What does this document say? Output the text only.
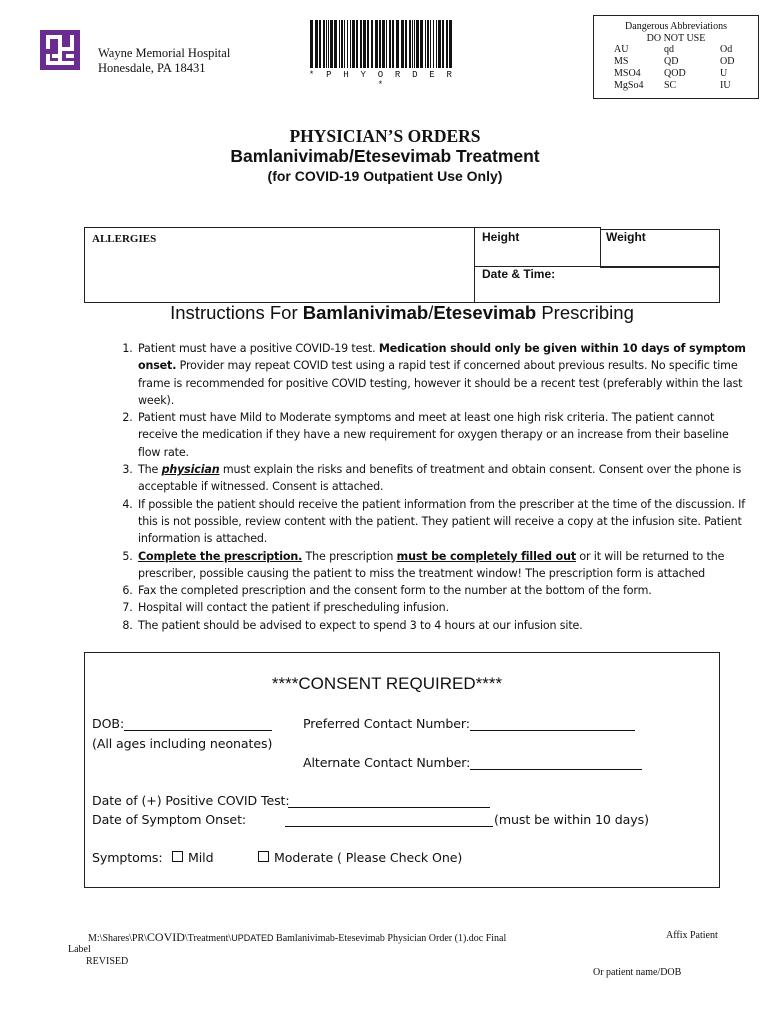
Wayne Memorial Hospital
Honesdale, PA 18431	* P H Y O R D E R *
Dangerous Abbreviations
DO NOT USE
AU	qd	Od
MS	QD	OD
MSO4	QOD	U
MgSo4	SC	IU
PHYSICIAN’S ORDERS
Bamlanivimab/Etesevimab Treatment
(for COVID-19 Outpatient Use Only)
ALLERGIES	Height	Weight
Date & Time:
Instructions For Bamlanivimab/Etesevimab Prescribing
1. Patient must have a positive COVID-19 test. Medication should only be given within 10 days of symptom onset. Provider may repeat COVID test using a rapid test if concerned about previous results. No specific time frame is recommended for positive COVID testing, however it should be a recent test (preferably within the last week).
2. Patient must have Mild to Moderate symptoms and meet at least one high risk criteria. The patient cannot receive the medication if they have a new requirement for oxygen therapy or an increase from their baseline flow rate.
3. The physician must explain the risks and benefits of treatment and obtain consent. Consent over the phone is acceptable if witnessed. Consent is attached.
4. If possible the patient should receive the patient information from the prescriber at the time of the discussion. If this is not possible, review content with the patient. They patient will receive a copy at the infusion site. Patient information is attached.
5. Complete the prescription. The prescription must be completely filled out or it will be returned to the prescriber, possible causing the patient to miss the treatment window! The prescription form is attached
6. Fax the completed prescription and the consent form to the number at the bottom of the form.
7. Hospital will contact the patient if prescheduling infusion.
8. The patient should be advised to expect to spend 3 to 4 hours at our infusion site.
****CONSENT REQUIRED****
DOB:
(All ages including neonates)
Preferred Contact Number:
Alternate Contact Number:
Date of (+) Positive COVID Test:
Date of Symptom Onset:	(must be within 10 days)
Symptoms:	Mild	Moderate ( Please Check One)
M:\Shares\PR\COVID\Treatment\UPDATED Bamlanivimab-Etesevimab Physician Order (1).doc Final
Label
REVISED
Affix Patient
Or patient name/DOB
